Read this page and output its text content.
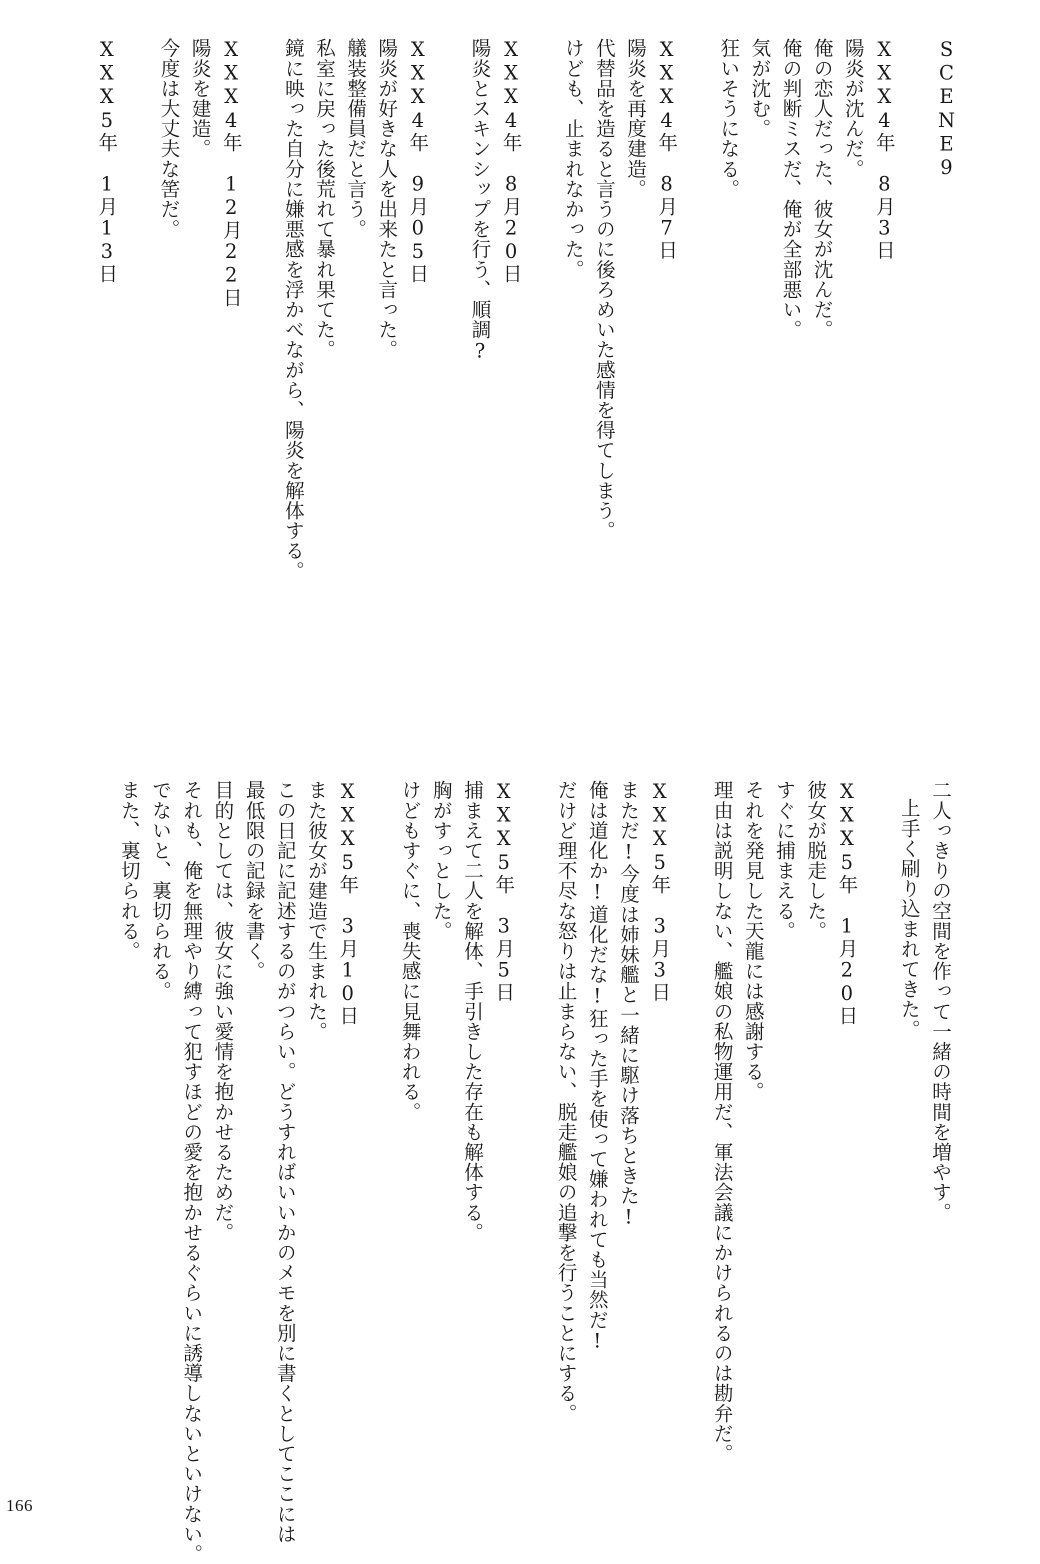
SCENE9
XXX4年　8月3日
陽炎が沈んだ。
俺の恋人だった、彼女が沈んだ。
俺の判断ミスだ、俺が全部悪い。
気が沈む。
狂いそうになる。
XXX4年　8月7日
陽炎を再度建造。
代替品を造ると言うのに後ろめいた感情を得てしまう。
けども、止まれなかった。
XXX4年　8月20日
陽炎とスキンシップを行う、順調?
XXX4年　9月05日
陽炎が好きな人を出来たと言った。
艤装整備員だと言う。
私室に戻った後荒れて暴れ果てた。
鏡に映った自分に嫌悪感を浮かべながら、陽炎を解体する。
XXX4年　12月22日
陽炎を建造。
今度は大丈夫な筈だ。
XXX5年　1月13日
二人っきりの空間を作って一緒の時間を増やす。
上手く刷り込まれてきた。
XXX5年　1月20日
彼女が脱走した。
すぐに捕まえる。
それを発見した天龍には感謝する。
理由は説明しない、艦娘の私物運用だ、軍法会議にかけられるのは勘弁だ。
XXX5年　3月3日
まただ!今度は姉妹艦と一緒に駆け落ちときた!
俺は道化か!道化だな!狂った手を使って嫌われても当然だ!
だけど理不尽な怒りは止まらない、脱走艦娘の追撃を行うことにする。
XXX5年　3月5日
捕まえて二人を解体、手引きした存在も解体する。
胸がすっとした。
けどもすぐに、喪失感に見舞われる。
XXX5年　3月10日
また彼女が建造で生まれた。
この日記に記述するのがつらい。どうすればいいかのメモを別に書くとしてここには
最低限の記録を書く。
目的としては、彼女に強い愛情を抱かせるためだ。
それも、俺を無理やり縛って犯すほどの愛を抱かせるぐらいに誘導しないといけない。
でないと、裏切られる。
また、裏切られる。
166
